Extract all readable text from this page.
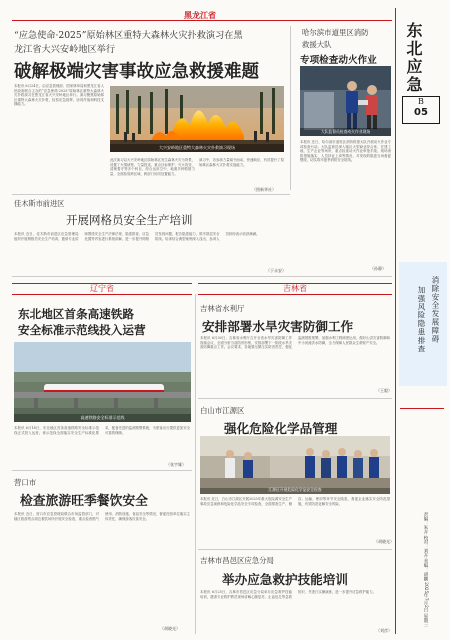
黑龙江省
“应急使命·2025”原始林区重特大森林火灾扑救演习在黑
龙江省大兴安岭地区举行
破解极端灾害事故应急救援难题
本报讯 6月24日，由应急管理部、国家林草局和黑龙江省人民政府联合主办的“应急使命·2025”原始林区重特大森林火灾扑救演习在黑龙江省大兴安岭地区举行。演习聚焦原始林区重特大森林火灾扑救，检验应急指挥、协同作战和科技支撑能力。
大兴安岭地区重特大森林火灾扑救演习现场
此次演习以大兴安岭地区原始林区发生森林火灾为背景，设置了火情侦察、力量投送、重点目标保护、灭火攻坚、清理看守等多个科目，综合运用空中、地面多种救援力量，全面检验跨区域、跨部门协同处置能力。
演习中，各参演力量闻令而动、快速响应，有效提升了原始林区森林火灾扑救实战能力。
（图新华社）
哈尔滨市道里区消防
救援大队
专项检查动火作业
大队监督员检查动火作业现场
本报讯 近日，哈尔滨市道里区消防救援大队开展动火作业专项检查行动。大队监督员深入辖区大型商业综合体、在建工地、生产企业等场所，重点检查动火作业审批手续、现场消防措施落实、人员持证上岗等情况，对发现的隐患当场督促整改，切实筑牢夏季消防安全防线。
（孙静）
佳木斯市前进区
开展网格员安全生产培训
本报讯 近日，佳木斯市前进区应急管理局组织开展网格员安全生产培训，邀请专业讲师围绕安全生产法律法规、隐患排查、应急处置等内容进行系统讲解，进一步提升网格员发现问题、报告隐患能力，筑牢基层安全防线。培训结合典型案例深入浅出，参训人员纷纷表示收获满满。
（于永安）
辽宁省	吉林省
东北地区首条高速铁路
安全标准示范线投入运营
高速铁路安全标准示范线
本报讯 6月18日，东北地区首条高速铁路安全标准示范线正式投入运营。该示范线全面落实安全生产标准化要求，配备先进的监测预警系统，为旅客出行提供更加安全可靠的保障。
（张宇雄）
营口市
检查旅游旺季餐饮安全
本报讯 近日，营口市应急管理局联合市场监管部门，对辖区旅游景点周边餐饮场所开展安全检查，重点检查燃气使用、消防设施、食品安全等情况，督促经营单位落实主体责任，确保游客饮食安全。
（胡晓光）
吉林省水利厅
安排部署水旱灾害防御工作
本报讯 6月30日，吉林省水利厅召开全省水旱灾害防御工作视频会议，全面分析当前防汛形势，安排部署下一阶段水旱灾害防御重点工作。会议要求，各地要压紧压实防汛责任，强化监测预报预警，加强水利工程调度运用，做好山洪灾害防御和中小河流洪水防御，全力保障人民群众生命财产安全。
（王毅）
白山市江源区
强化危险化学品管理
江源区开展危险化学品安全检查
本报讯 近日，白山市江源区开展2025年重大危险源安全生产事故应急演练和危险化学品安全专项检查，全面排查生产、储存、运输、使用等环节安全隐患，督促企业落实安全防范措施，有效防范化解安全风险。
（胡晓光）
吉林市昌邑区应急分局
举办应急救护技能培训
本报讯 6月25日，吉林市昌邑区应急分局举办应急救护技能培训，邀请专业救护教员现场讲解心肺复苏、止血包扎等急救知识，并进行实操演练，进一步提升应急救护能力。
（刘彦）
东北应急
B
05
消除安全发展障碍
加强风险隐患排查
责编：朱卉 校对：刘卉 美编：胡鹏 2025年7月2日 星期三
